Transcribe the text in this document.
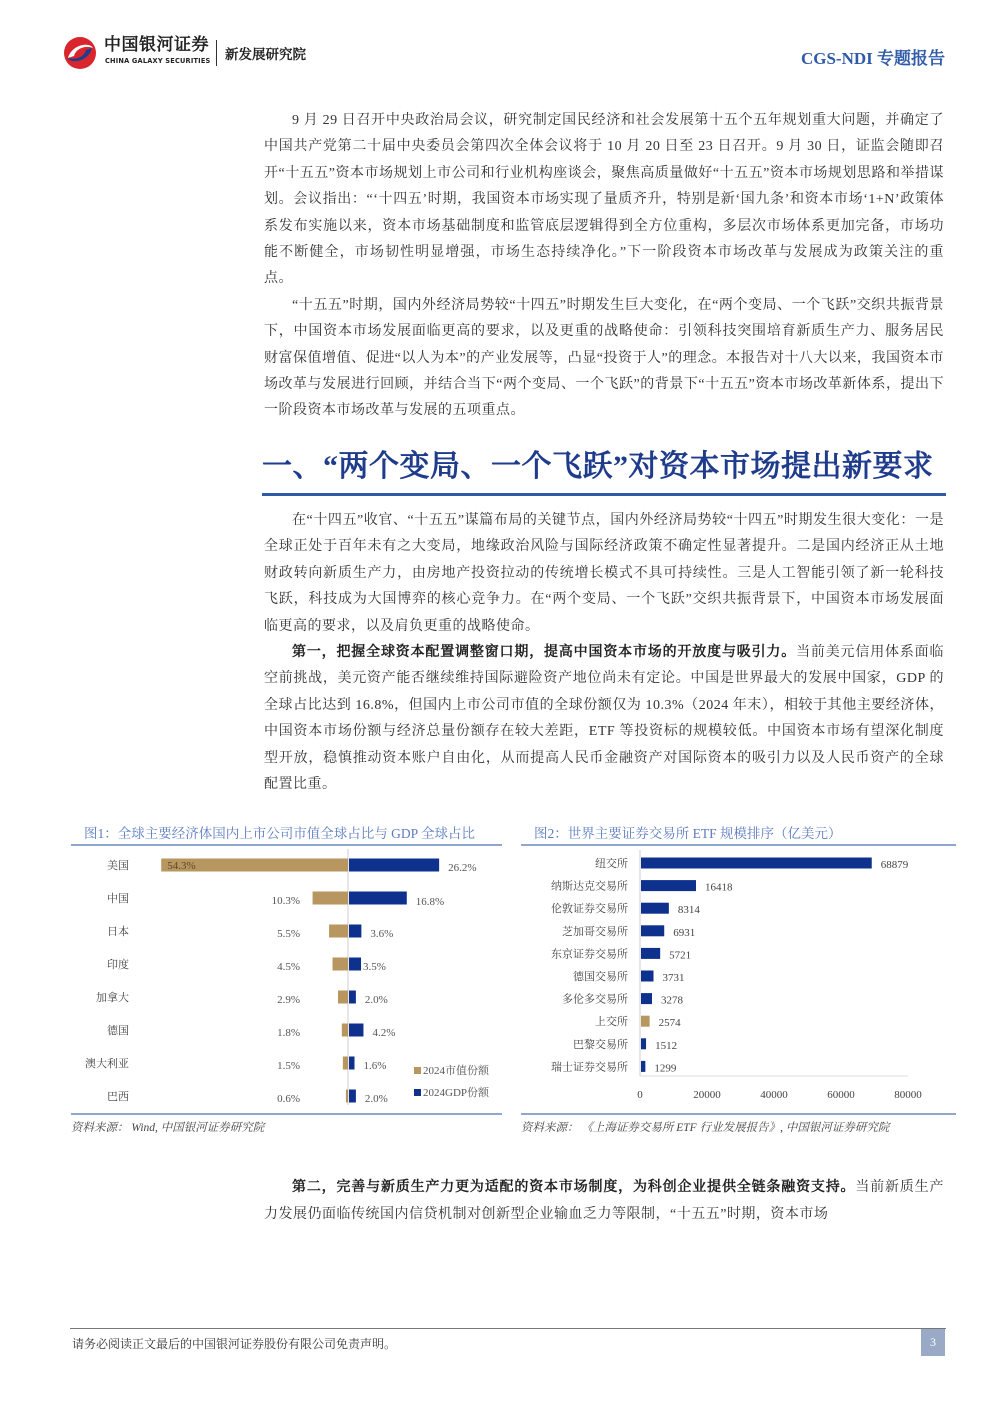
中国银河证券
CHINA GALAXY SECURITIES 新发展研究院	CGS-NDI 专题报告

9 月 29 日召开中央政治局会议，研究制定国民经济和社会发展第十五个五年规划重大问题，并确定了中国共产党第二十届中央委员会第四次全体会议将于 10 月 20 日至 23 日召开。9 月 30 日，证监会随即召开“十五五”资本市场规划上市公司和行业机构座谈会，聚焦高质量做好“十五五”资本市场规划思路和举措谋划。会议指出：“‘十四五’时期，我国资本市场实现了量质齐升，特别是新‘国九条’和资本市场‘1+N’政策体系发布实施以来，资本市场基础制度和监管底层逻辑得到全方位重构，多层次市场体系更加完备，市场功能不断健全，市场韧性明显增强，市场生态持续净化。”下一阶段资本市场改革与发展成为政策关注的重点。

“十五五”时期，国内外经济局势较“十四五”时期发生巨大变化，在“两个变局、一个飞跃”交织共振背景下，中国资本市场发展面临更高的要求，以及更重的战略使命：引领科技突围培育新质生产力、服务居民财富保值增值、促进“以人为本”的产业发展等，凸显“投资于人”的理念。本报告对十八大以来，我国资本市场改革与发展进行回顾，并结合当下“两个变局、一个飞跃”的背景下“十五五”资本市场改革新体系，提出下一阶段资本市场改革与发展的五项重点。

一、“两个变局、一个飞跃”对资本市场提出新要求

在“十四五”收官、“十五五”谋篇布局的关键节点，国内外经济局势较“十四五”时期发生很大变化：一是全球正处于百年未有之大变局，地缘政治风险与国际经济政策不确定性显著提升。二是国内经济正从土地财政转向新质生产力，由房地产投资拉动的传统增长模式不具可持续性。三是人工智能引领了新一轮科技飞跃，科技成为大国博弈的核心竞争力。在“两个变局、一个飞跃”交织共振背景下，中国资本市场发展面临更高的要求，以及肩负更重的战略使命。

第一，把握全球资本配置调整窗口期，提高中国资本市场的开放度与吸引力。当前美元信用体系面临空前挑战，美元资产能否继续维持国际避险资产地位尚未有定论。中国是世界最大的发展中国家，GDP 的全球占比达到 16.8%，但国内上市公司市值的全球份额仅为 10.3%（2024 年末），相较于其他主要经济体，中国资本市场份额与经济总量份额存在较大差距，ETF 等投资标的规模较低。中国资本市场有望深化制度型开放，稳慎推动资本账户自由化，从而提高人民币金融资产对国际资本的吸引力以及人民币资产的全球配置比重。

图1：全球主要经济体国内上市公司市值全球占比与 GDP 全球占比
美国	54.3%	26.2%
中国	10.3%	16.8%
日本	5.5%	3.6%
印度	4.5%	3.5%
加拿大	2.9%	2.0%
德国	1.8%	4.2%
澳大利亚	1.5%	1.6%
巴西	0.6%	2.0%
2024市值份额
2024GDP份额
资料来源： Wind, 中国银河证券研究院
图2：世界主要证券交易所 ETF 规模排序（亿美元）
纽交所	68879
纳斯达克交易所	16418
伦敦证券交易所	8314
芝加哥交易所	6931
东京证券交易所	5721
德国交易所	3731
多伦多交易所	3278
上交所	2574
巴黎交易所 1512
瑞士证券交易所 1299
0	20000	40000	60000	80000
资料来源： 《上海证券交易所 ETF 行业发展报告》, 中国银河证券研究院

第二，完善与新质生产力更为适配的资本市场制度，为科创企业提供全链条融资支持。当前新质生产力发展仍面临传统国内信贷机制对创新型企业输血乏力等限制，“十五五”时期，资本市场

请务必阅读正文最后的中国银河证券股份有限公司免责声明。	3
